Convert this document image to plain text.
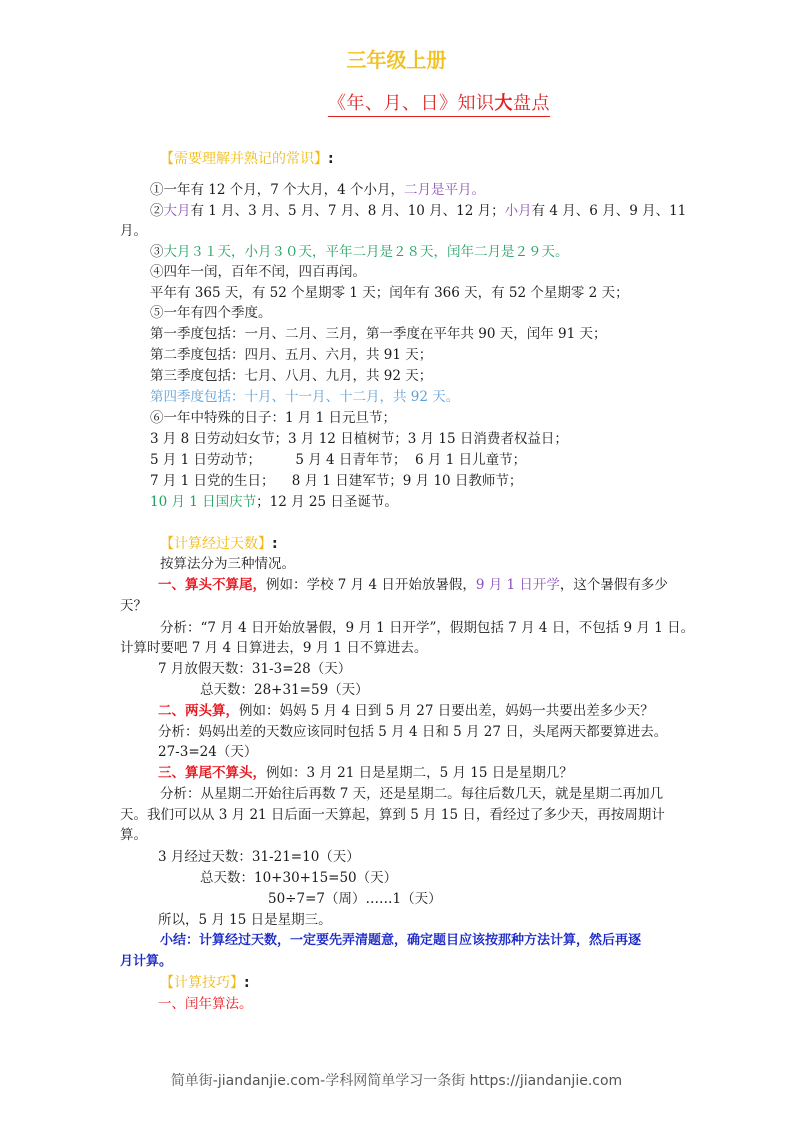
三年级上册
《年、月、日》知识大盘点
【需要理解并熟记的常识】:
①一年有 12 个月，7 个大月，4 个小月，二月是平月。
②大月有 1 月、3 月、5 月、7 月、8 月、10 月、12 月；小月有 4 月、6 月、9 月、11
月。
③大月３１天，小月３０天，平年二月是２８天，闰年二月是２９天。
④四年一闰，百年不闰，四百再闰。
平年有 365 天，有 52 个星期零 1 天；闰年有 366 天，有 52 个星期零 2 天；
⑤一年有四个季度。
第一季度包括：一月、二月、三月，第一季度在平年共 90 天，闰年 91 天；
第二季度包括：四月、五月、六月，共 91 天；
第三季度包括：七月、八月、九月，共 92 天；
第四季度包括：十月、十一月、十二月，共 92 天。
⑥一年中特殊的日子：1 月 1 日元旦节；
3 月 8 日劳动妇女节；3 月 12 日植树节；3 月 15 日消费者权益日；
5 月 1 日劳动节；        5 月 4 日青年节；  6 月 1 日儿童节；
7 月 1 日党的生日；    8 月 1 日建军节；9 月 10 日教师节；
10 月 1 日国庆节；12 月 25 日圣诞节。
【计算经过天数】:
按算法分为三种情况。
一、算头不算尾，例如：学校 7 月 4 日开始放暑假，9 月 1 日开学，这个暑假有多少
天？
分析：“7 月 4 日开始放暑假，9 月 1 日开学”，假期包括 7 月 4 日，不包括 9 月 1 日。
计算时要吧 7 月 4 日算进去，9 月 1 日不算进去。
7 月放假天数：31-3=28（天）
总天数：28+31=59（天）
二、两头算，例如：妈妈 5 月 4 日到 5 月 27 日要出差，妈妈一共要出差多少天？
分析：妈妈出差的天数应该同时包括 5 月 4 日和 5 月 27 日，头尾两天都要算进去。
27-3=24（天）
三、算尾不算头，例如：3 月 21 日是星期二，5 月 15 日是星期几？
分析：从星期二开始往后再数 7 天，还是星期二。每往后数几天，就是星期二再加几
天。我们可以从 3 月 21 日后面一天算起，算到 5 月 15 日，看经过了多少天，再按周期计
算。
3 月经过天数：31-21=10（天）
总天数：10+30+15=50（天）
50÷7=7（周）……1（天）
所以，5 月 15 日是星期三。
小结：计算经过天数，一定要先弄清题意，确定题目应该按那种方法计算，然后再逐
月计算。
【计算技巧】:
一、闰年算法。
简单街-jiandanjie.com-学科网简单学习一条街 https://jiandanjie.com
